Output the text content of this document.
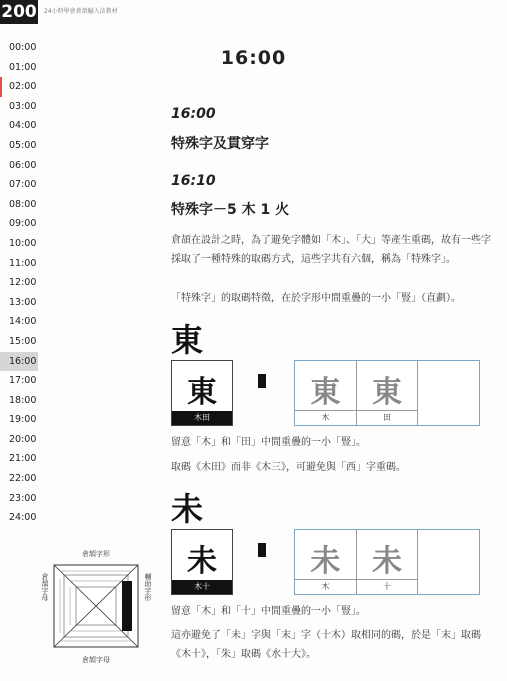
200 24小時學會倉頡輸入法教材
00:00
01:00
02:00
03:00
04:00
05:00
06:00
07:00
08:00
09:00
10:00
11:00
12:00
13:00
14:00
15:00
16:00
17:00
18:00
19:00
20:00
21:00
22:00
23:00
24:00
16:00
16:00
特殊字及貫穿字
16:10
特殊字－5 木 1 火
倉頡在設計之時，為了避免字體如「木」、「大」等產生重碼，故有一些字採取了一種特殊的取碼方式，這些字共有六個，稱為「特殊字」。
「特殊字」的取碼特徵，在於字形中間重疊的一小「豎」（直劃）。
東
東
木田
東
木
東
田
留意「木」和「田」中間重疊的一小「豎」。
取碼《木田》而非《木三》，可避免與「西」字重碼。
未
未
木十
未
木
未
十
留意「木」和「十」中間重疊的一小「豎」。
這亦避免了「未」字與「末」字（十木）取相同的碼，於是「末」取碼《木十》，「朱」取碼《水十大》。
倉頡字形
倉頡字母
倉頡字母	輔助字形
